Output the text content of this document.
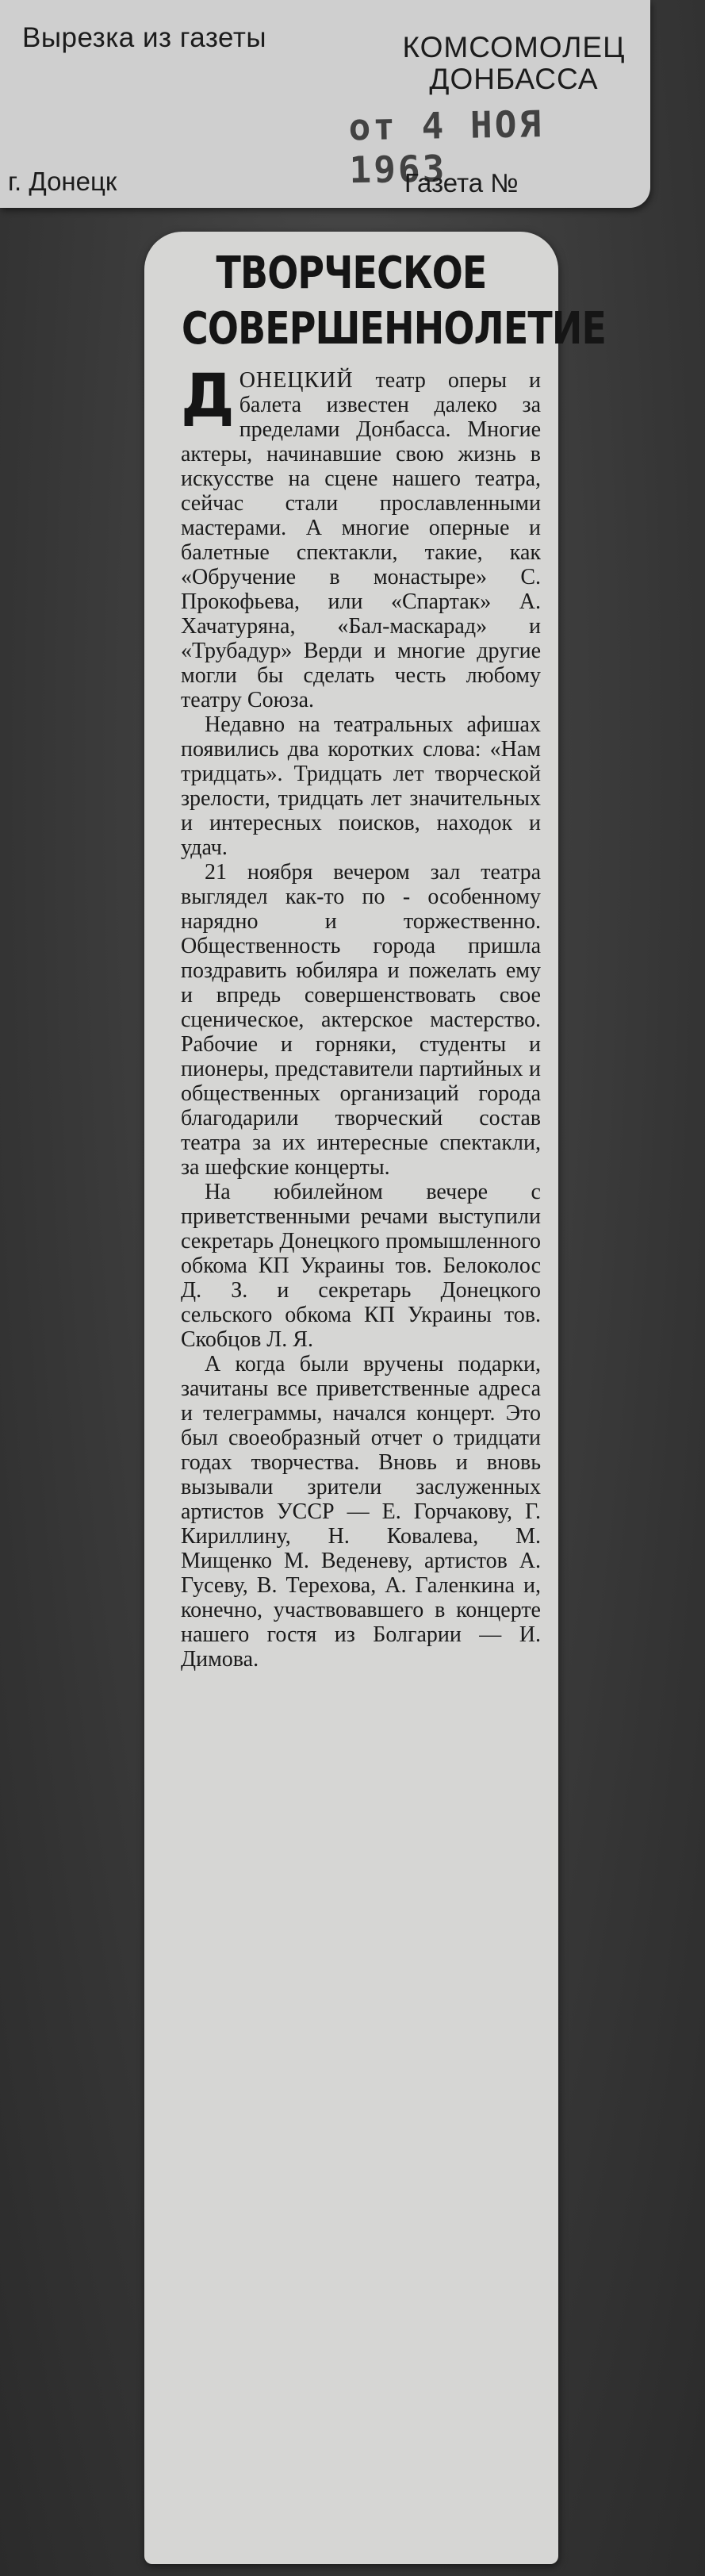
Вырезка из газеты	КОМСОМОЛЕЦ
ДОНБАССА
от 4 НОЯ 1963
г. Донецк	Газета №
ТВОРЧЕСКОЕ
СОВЕРШЕННОЛЕТИЕ

ДОНЕЦКИЙ театр оперы и балета известен далеко за пределами Донбасса. Многие актеры, начинавшие свою жизнь в искусстве на сцене нашего театра, сейчас стали прославленными мастерами. А многие оперные и балетные спектакли, такие, как «Обручение в монастыре» С. Прокофьева, или «Спартак» А. Хачатуряна, «Бал-маскарад» и «Трубадур» Верди и многие другие могли бы сделать честь любому театру Союза.

Недавно на театральных афишах появились два коротких слова: «Нам тридцать». Тридцать лет творческой зрелости, тридцать лет значительных и интересных поисков, находок и удач.

21 ноября вечером зал театра выглядел как-то по - особенному нарядно и торжественно. Общественность города пришла поздравить юбиляра и пожелать ему и впредь совершенствовать свое сценическое, актерское мастерство. Рабочие и горняки, студенты и пионеры, представители партийных и общественных организаций города благодарили творческий состав театра за их интересные спектакли, за шефские концерты.

На юбилейном вечере с приветственными речами выступили секретарь Донецкого промышленного обкома КП Украины тов. Белоколос Д. З. и секретарь Донецкого сельского обкома КП Украины тов. Скобцов Л. Я.

А когда были вручены подарки, зачитаны все приветственные адреса и телеграммы, начался концерт. Это был своеобразный отчет о тридцати годах творчества. Вновь и вновь вызывали зрители заслуженных артистов УССР — Е. Горчакову, Г. Кириллину, Н. Ковалева, М. Мищенко М. Веденеву, артистов А. Гусеву, В. Терехова, А. Галенкина и, конечно, участвовавшего в концерте нашего гостя из Болгарии — И. Димова.
